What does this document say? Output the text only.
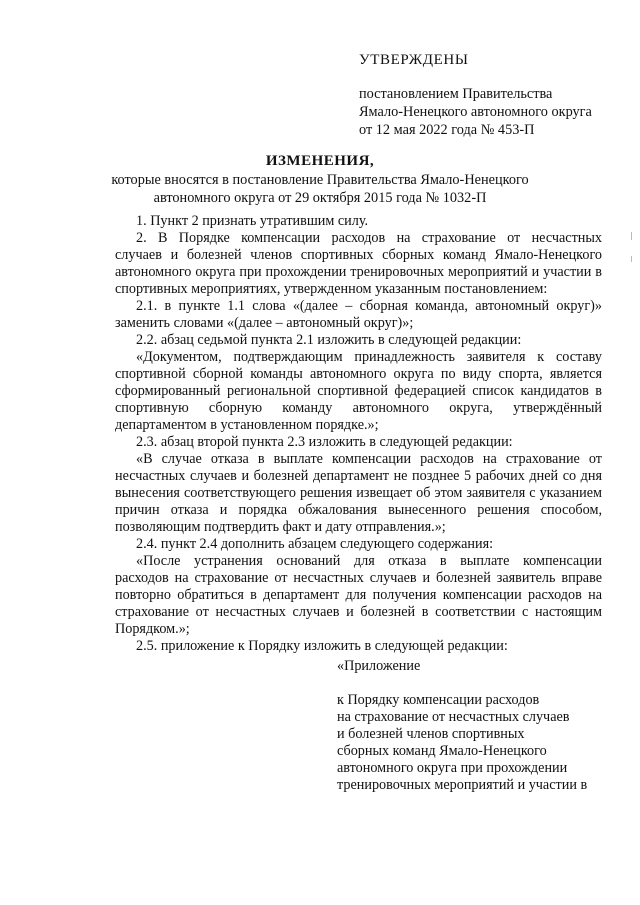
УТВЕРЖДЕНЫ
постановлением Правительства
Ямало-Ненецкого автономного округа
от 12 мая 2022 года № 453-П
ИЗМЕНЕНИЯ,
которые вносятся в постановление Правительства Ямало-Ненецкого
автономного округа от 29 октября 2015 года № 1032-П
1. Пункт 2 признать утратившим силу.
2. В Порядке компенсации расходов на страхование от несчастных
случаев и болезней членов спортивных сборных команд Ямало-Ненецкого
автономного округа при прохождении тренировочных мероприятий и участии в
спортивных мероприятиях, утвержденном указанным постановлением:
2.1. в пункте 1.1 слова «(далее – сборная команда, автономный округ)»
заменить словами «(далее – автономный округ)»;
2.2. абзац седьмой пункта 2.1 изложить в следующей редакции:
«Документом, подтверждающим принадлежность заявителя к составу
спортивной сборной команды автономного округа по виду спорта, является
сформированный региональной спортивной федерацией список кандидатов в
спортивную сборную команду автономного округа, утверждённый
департаментом в установленном порядке.»;
2.3. абзац второй пункта 2.3 изложить в следующей редакции:
«В случае отказа в выплате компенсации расходов на страхование от
несчастных случаев и болезней департамент не позднее 5 рабочих дней со дня
вынесения соответствующего решения извещает об этом заявителя с указанием
причин отказа и порядка обжалования вынесенного решения способом,
позволяющим подтвердить факт и дату отправления.»;
2.4. пункт 2.4 дополнить абзацем следующего содержания:
«После устранения оснований для отказа в выплате компенсации
расходов на страхование от несчастных случаев и болезней заявитель вправе
повторно обратиться в департамент для получения компенсации расходов на
страхование от несчастных случаев и болезней в соответствии с настоящим
Порядком.»;
2.5. приложение к Порядку изложить в следующей редакции:
«Приложение
к Порядку компенсации расходов
на страхование от несчастных случаев
и болезней членов спортивных
сборных команд Ямало-Ненецкого
автономного округа при прохождении
тренировочных мероприятий и участии в
